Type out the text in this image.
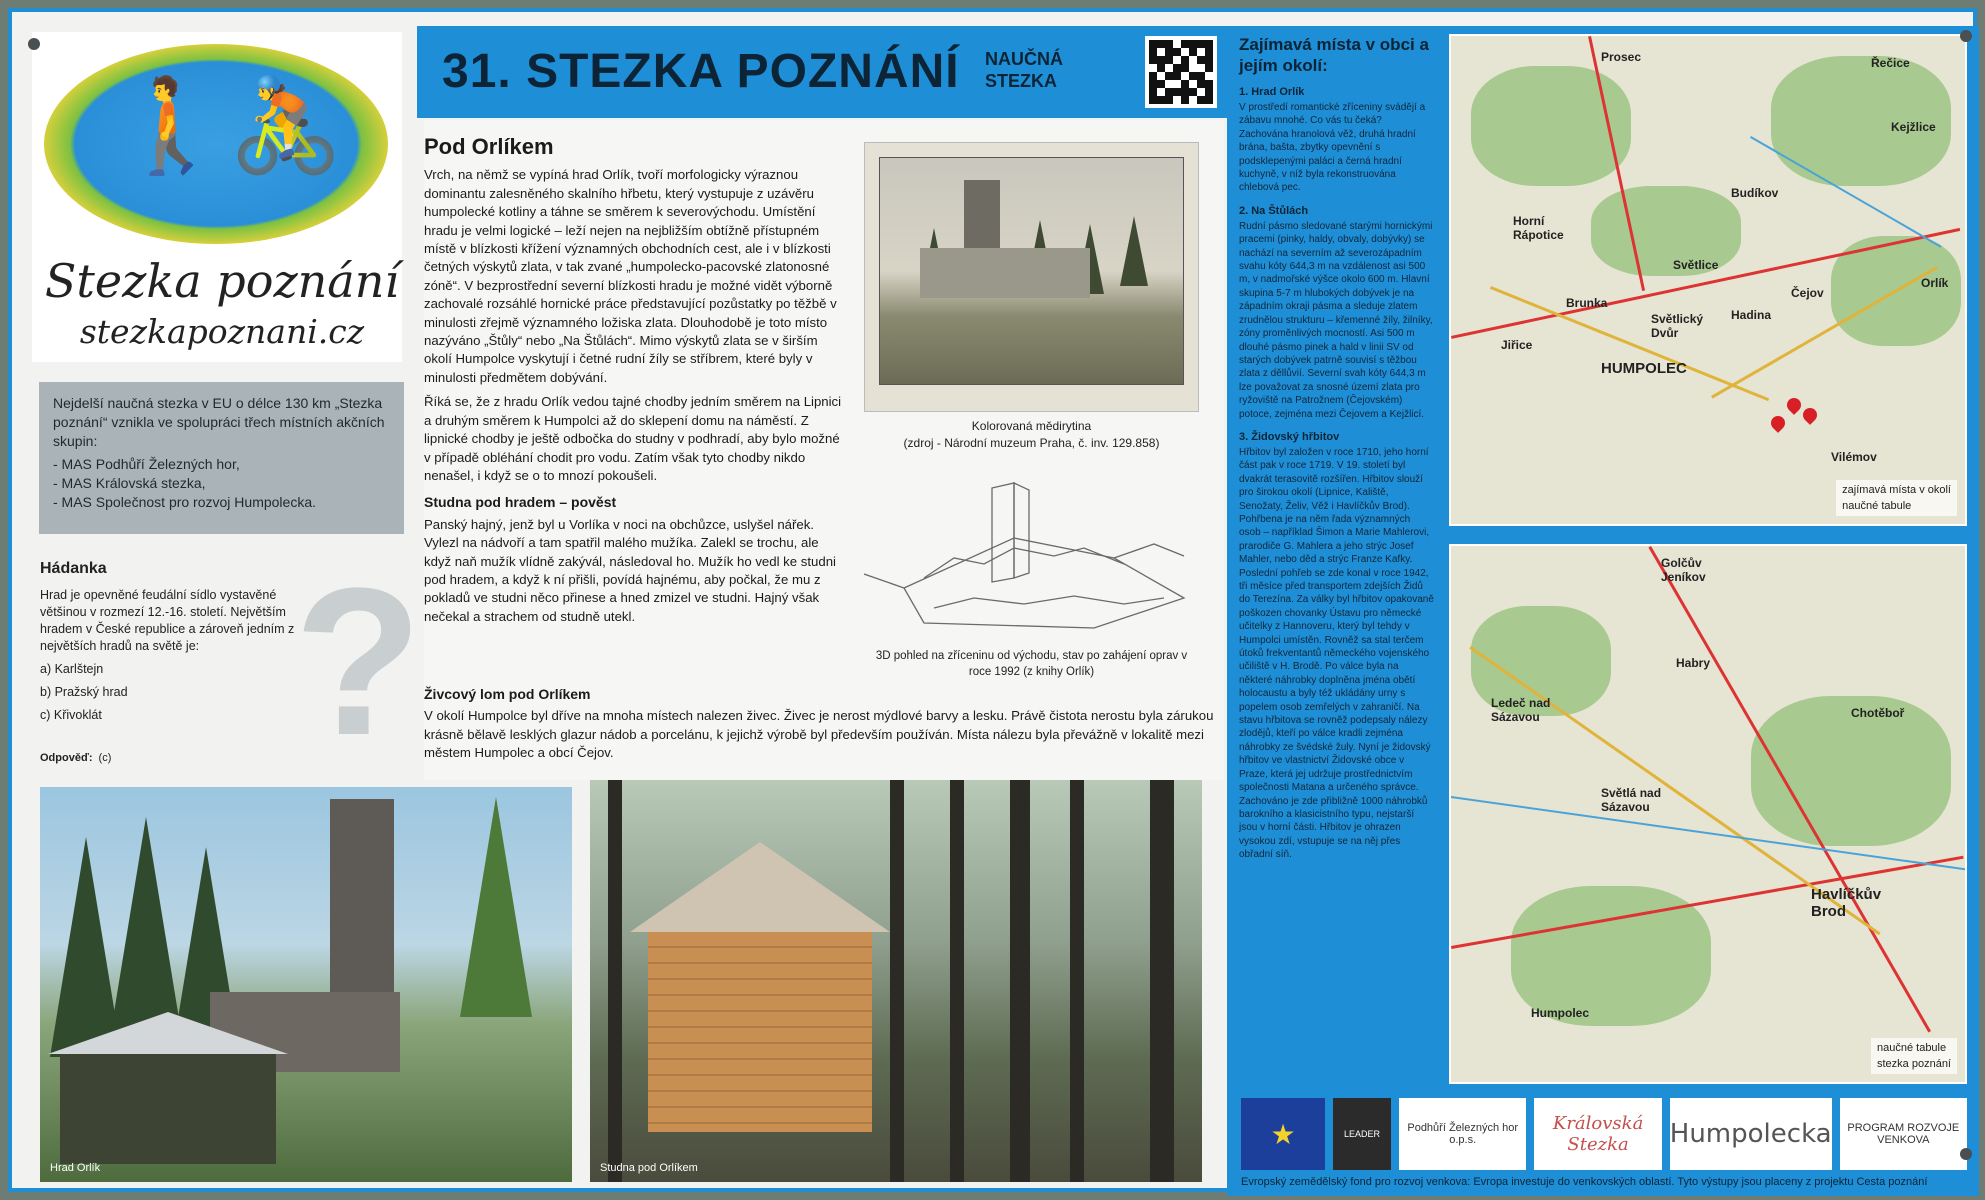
🚶🚴
Stezka poznání
stezkapoznani.cz

Nejdelší naučná stezka v EU o délce 130 km „Stezka poznání“ vznikla ve spolupráci třech místních akčních skupin:

- MAS Podhůří Železných hor,
- MAS Královská stezka,
- MAS Společnost pro rozvoj Humpolecka.
?
Hádanka

Hrad je opevněné feudální sídlo vystavěné většinou v rozmezí 12.-16. století. Největším hradem v České republice a zároveň jedním z největších hradů na světě je:

a) Karlštejn
b) Pražský hrad
c) Křivoklát
Odpověď: (c)
31. STEZKA POZNÁNÍ NAUČNÁ STEZKA
Pod Orlíkem

Vrch, na němž se vypíná hrad Orlík, tvoří morfologicky výraznou dominantu zalesněného skalního hřbetu, který vystupuje z uzávěru humpolecké kotliny a táhne se směrem k severovýchodu. Umístění hradu je velmi logické – leží nejen na nejbližším obtížně přístupném místě v blízkosti křížení významných obchodních cest, ale i v blízkosti četných výskytů zlata, v tak zvané „humpolecko-pacovské zlatonosné zóně“. V bezprostřední severní blízkosti hradu je možné vidět výborně zachovalé rozsáhlé hornické práce představující pozůstatky po těžbě v minulosti zřejmě významného ložiska zlata. Dlouhodobě je toto místo nazýváno „Štůly“ nebo „Na Štůlách“. Mimo výskytů zlata se v širším okolí Humpolce vyskytují i četné rudní žíly se stříbrem, které byly v minulosti předmětem dobývání.

Říká se, že z hradu Orlík vedou tajné chodby jedním směrem na Lipnici a druhým směrem k Humpolci až do sklepení domu na náměstí. Z lipnické chodby je ještě odbočka do studny v podhradí, aby bylo možné v případě obléhání chodit pro vodu. Zatím však tyto chodby nikdo nenašel, i když se o to mnozí pokoušeli.

Studna pod hradem – pověst

Panský hajný, jenž byl u Vorlíka v noci na obchůzce, uslyšel nářek. Vylezl na nádvoří a tam spatřil malého mužíka. Zalekl se trochu, ale když naň mužík vlídně zakývál, následoval ho. Mužík ho vedl ke studni pod hradem, a když k ní přišli, povídá hajnému, aby počkal, že mu z pokladů ve studni něco přinese a hned zmizel ve studni. Hajný však nečekal a strachem od studně utekl.

Kolorovaná mědirytina
(zdroj - Národní muzeum Praha, č. inv. 129.858)
3D pohled na zříceninu od východu, stav po zahájení oprav v roce 1992 (z knihy Orlík)
Živcový lom pod Orlíkem

V okolí Humpolce byl dříve na mnoha místech nalezen živec. Živec je nerost mýdlové barvy a lesku. Právě čistota nerostu byla zárukou krásně bělavě lesklých glazur nádob a porcelánu, k jejichž výrobě byl především používán. Místa nálezu byla převážně v lokalitě mezi městem Humpolec a obcí Čejov.

Hrad Orlík	Studna pod Orlíkem
Zajímavá místa v obci a jejím okolí:
1. Hrad Orlík

V prostředí romantické zříceniny svádějí a zábavu mnohé. Co vás tu čeká? Zachována hranolová věž, druhá hradní brána, bašta, zbytky opevnění s podsklepenými paláci a černá hradní kuchyně, v níž byla rekonstruována chlebová pec.

2. Na Štůlách

Rudní pásmo sledované starými hornickými pracemi (pinky, haldy, obvaly, dobývky) se nachází na severním až severozápadním svahu kóty 644,3 m na vzdálenost asi 500 m, v nadmořské výšce okolo 600 m. Hlavní skupina 5-7 m hlubokých dobývek je na západním okraji pásma a sleduje zlatem zrudnělou strukturu – křemenné žíly, žilníky, zóny proměnlivých mocností. Asi 500 m dlouhé pásmo pinek a hald v linii SV od starých dobývek patrně souvisí s těžbou zlata z děllůvií. Severní svah kóty 644,3 m lze považovat za snosné území zlata pro ryžoviště na Patrožnem (Čejovském) potoce, zejména mezi Čejovem a Kejžlicí.

3. Židovský hřbitov

Hřbitov byl založen v roce 1710, jeho horní část pak v roce 1719. V 19. století byl dvakrát terasovitě rozšířen. Hřbitov slouží pro širokou okolí (Lipnice, Kaliště, Senožaty, Želiv, Věž i Havlíčkův Brod). Pohřbena je na něm řada významných osob – například Šimon a Marie Mahlerovi, prarodiče G. Mahlera a jeho strýc Josef Mahler, nebo děd a strýc Franze Kafky. Poslední pohřeb se zde konal v roce 1942, tři měsíce před transportem zdejších Židů do Terezína. Za války byl hřbitov opakovaně poškozen chovanky Ústavu pro německé učitelky z Hannoveru, který byl tehdy v Humpolci umístěn. Rovněž sa stal terčem útoků frekventantů německého vojenského učiliště v H. Brodě. Po válce byla na některé náhrobky doplněna jména obětí holocaustu a byly též ukládány urny s popelem osob zemřelých v zahraničí. Na stavu hřbitova se rovněž podepsaly nálezy zlodějů, kteří po válce kradli zejména náhrobky ze švédské žuly. Nyní je židovský hřbitov ve vlastnictví Židovské obce v Praze, která jej udržuje prostřednictvím společnosti Matana a určeného správce. Zachováno je zde přibližně 1000 náhrobků barokního a klasicistního typu, nejstarší jsou v horní části. Hřbitov je ohrazen vysokou zdí, vstupuje se na něj přes obřadní síň.

Prosec	Řečice
Kejžlice
Budíkov
Horní Rápotice
Světlice
Čejov
Brunka
Jiřice
HUMPOLEC
Hadina
Vilémov
Orlík
Světlický Dvůr
zajímavá místa v okolí
naučné tabule
Golčův Jeníkov
Habry
Chotěboř
Světlá nad Sázavou
Havlíčkův Brod
Humpolec
Ledeč nad Sázavou
naučné tabule
stezka poznání
★	LEADER	Podhůří Železných hor o.p.s.
Královská Stezka	Humpolecka	PROGRAM ROZVOJE VENKOVA
Evropský zemědělský fond pro rozvoj venkova: Evropa investuje do venkovských oblastí. Tyto výstupy jsou placeny z projektu Cesta poznání
